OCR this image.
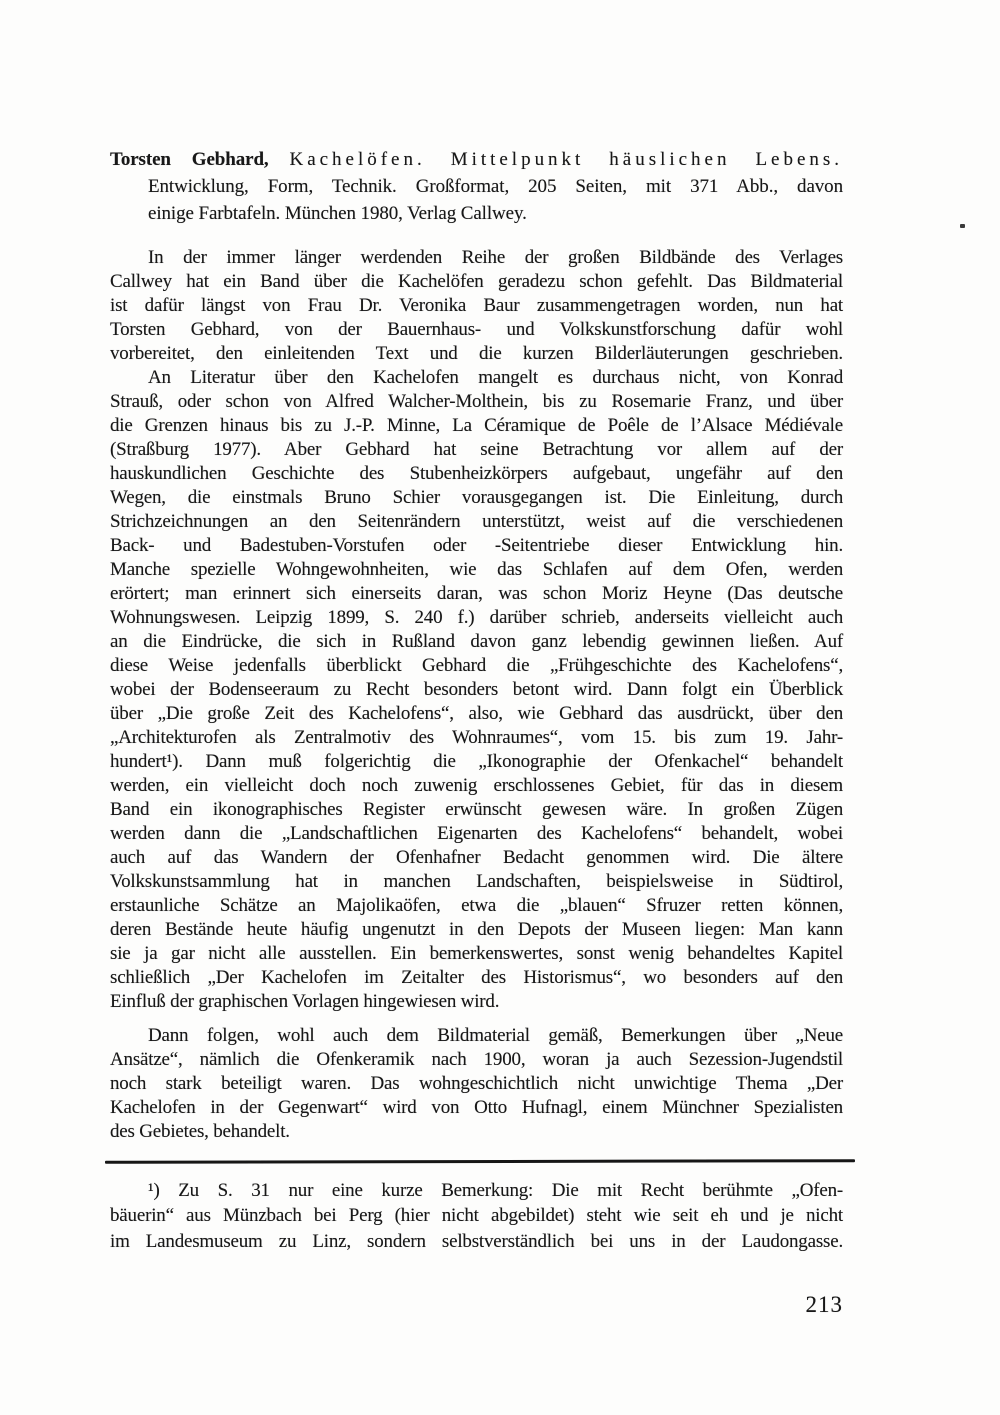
Torsten Gebhard, Kachelöfen. Mittelpunkt häuslichen Lebens.
Entwicklung, Form, Technik. Großformat, 205 Seiten, mit 371 Abb., davon
einige Farbtafeln. München 1980, Verlag Callwey.
In der immer länger werdenden Reihe der großen Bildbände des Verlages
Callwey hat ein Band über die Kachelöfen geradezu schon gefehlt. Das Bildmaterial
ist dafür längst von Frau Dr. Veronika Baur zusammengetragen worden, nun hat
Torsten Gebhard, von der Bauernhaus- und Volkskunstforschung dafür wohl
vorbereitet, den einleitenden Text und die kurzen Bilderläuterungen geschrieben.
An Literatur über den Kachelofen mangelt es durchaus nicht, von Konrad
Strauß, oder schon von Alfred Walcher-Molthein, bis zu Rosemarie Franz, und über
die Grenzen hinaus bis zu J.-P. Minne, La Céramique de Poêle de l’Alsace Médiévale
(Straßburg 1977). Aber Gebhard hat seine Betrachtung vor allem auf der
hauskundlichen Geschichte des Stubenheizkörpers aufgebaut, ungefähr auf den
Wegen, die einstmals Bruno Schier vorausgegangen ist. Die Einleitung, durch
Strichzeichnungen an den Seitenrändern unterstützt, weist auf die verschiedenen
Back- und Badestuben-Vorstufen oder -Seitentriebe dieser Entwicklung hin.
Manche spezielle Wohngewohnheiten, wie das Schlafen auf dem Ofen, werden
erörtert; man erinnert sich einerseits daran, was schon Moriz Heyne (Das deutsche
Wohnungswesen. Leipzig 1899, S. 240 f.) darüber schrieb, anderseits vielleicht auch
an die Eindrücke, die sich in Rußland davon ganz lebendig gewinnen ließen. Auf
diese Weise jedenfalls überblickt Gebhard die „Frühgeschichte des Kachelofens“,
wobei der Bodenseeraum zu Recht besonders betont wird. Dann folgt ein Überblick
über „Die große Zeit des Kachelofens“, also, wie Gebhard das ausdrückt, über den
„Architekturofen als Zentralmotiv des Wohnraumes“, vom 15. bis zum 19. Jahr-
hundert¹). Dann muß folgerichtig die „Ikonographie der Ofenkachel“ behandelt
werden, ein vielleicht doch noch zuwenig erschlossenes Gebiet, für das in diesem
Band ein ikonographisches Register erwünscht gewesen wäre. In großen Zügen
werden dann die „Landschaftlichen Eigenarten des Kachelofens“ behandelt, wobei
auch auf das Wandern der Ofenhafner Bedacht genommen wird. Die ältere
Volkskunstsammlung hat in manchen Landschaften, beispielsweise in Südtirol,
erstaunliche Schätze an Majolikaöfen, etwa die „blauen“ Sfruzer retten können,
deren Bestände heute häufig ungenutzt in den Depots der Museen liegen: Man kann
sie ja gar nicht alle ausstellen. Ein bemerkenswertes, sonst wenig behandeltes Kapitel
schließlich „Der Kachelofen im Zeitalter des Historismus“, wo besonders auf den
Einfluß der graphischen Vorlagen hingewiesen wird.
Dann folgen, wohl auch dem Bildmaterial gemäß, Bemerkungen über „Neue
Ansätze“, nämlich die Ofenkeramik nach 1900, woran ja auch Sezession-Jugendstil
noch stark beteiligt waren. Das wohngeschichtlich nicht unwichtige Thema „Der
Kachelofen in der Gegenwart“ wird von Otto Hufnagl, einem Münchner Spezialisten
des Gebietes, behandelt.
¹) Zu S. 31 nur eine kurze Bemerkung: Die mit Recht berühmte „Ofen-
bäuerin“ aus Münzbach bei Perg (hier nicht abgebildet) steht wie seit eh und je nicht
im Landesmuseum zu Linz, sondern selbstverständlich bei uns in der Laudongasse.
213
